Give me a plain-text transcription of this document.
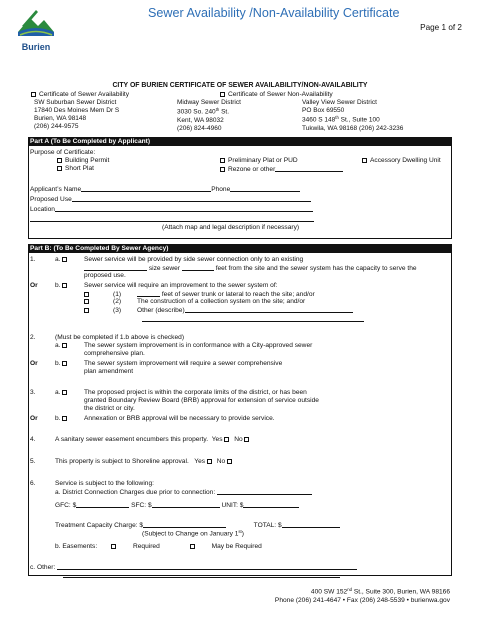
Burien
Sewer Availability /Non-Availability Certificate
Page 1 of 2
CITY OF BURIEN CERTIFICATE OF SEWER AVAILABILITY/NON-AVAILABILITY
Certificate of Sewer Availability	Certificate of Sewer Non-Availability
SW Suburban Sewer District
17840 Des Moines Mem Dr S
Burien, WA 98148
(206) 244-9575
Midway Sewer District
3030 So. 240th St.
Kent, WA 98032
(206) 824-4960
Valley View Sewer District
PO Box 69550
3460 S 148th St., Suite 100
Tukwila, WA 98168 (206) 242-3236
Part A (To Be Completed by Applicant)
Purpose of Certificate:
Building Permit
Short Plat
Preliminary Plat or PUD
Rezone or other
Accessory Dwelling Unit
Applicant’s Name	Phone
Proposed Use
Location
(Attach map and legal description if necessary)
Part B: (To Be Completed By Sewer Agency)
1.	a.	Sewer service will be provided by side sewer connection only to an existing
size sewer	feet from the site and the sewer system has the capacity to serve the
proposed use.
Or	b.	Sewer service will require an improvement to the sewer system of:
(1)	feet of sewer trunk or lateral to reach the site; and/or
(2) The construction of a collection system on the site; and/or
(3) Other (describe)
2.	(Must be completed if 1.b above is checked)
a.	The sewer system improvement is in conformance with a City-approved sewer
comprehensive plan.
Or	b.	The sewer system improvement will require a sewer comprehensive
plan amendment
3.	a.	The proposed project is within the corporate limits of the district, or has been
granted Boundary Review Board (BRB) approval for extension of service outside
the district or city.
Or	b.	Annexation or BRB approval will be necessary to provide service.
4.	A sanitary sewer easement encumbers this property. Yes No
5.	This property is subject to Shoreline approval. Yes No
6.	Service is subject to the following:
a. District Connection Charges due prior to connection:
GFC: $	SFC: $	UNIT: $
Treatment Capacity Charge: $	TOTAL: $
(Subject to Change on January 1st)
b. Easements:	Required	May be Required
c. Other:
400 SW 152nd St., Suite 300, Burien, WA 98166
Phone (206) 241-4647 • Fax (206) 248-5539 • burienwa.gov
